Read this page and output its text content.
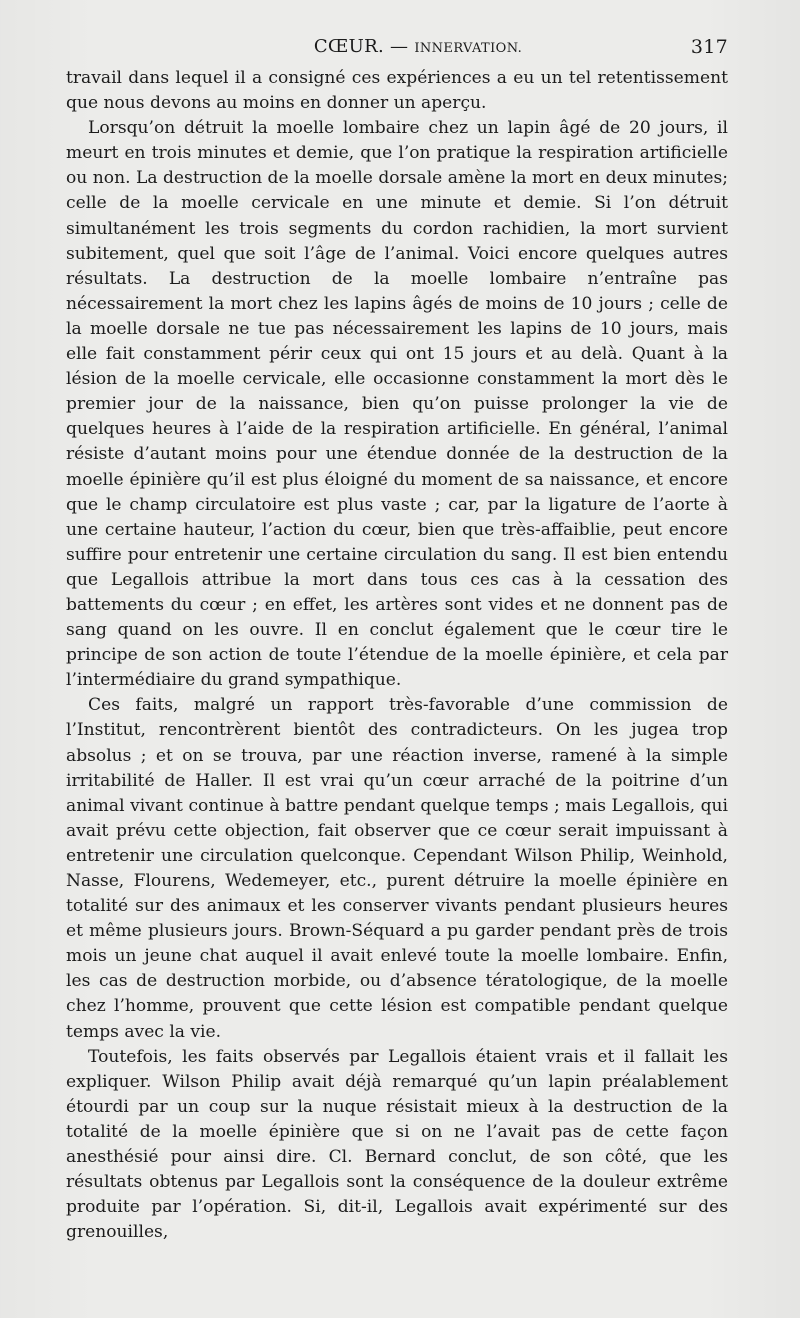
CŒUR. — INNERVATION.	317

travail dans lequel il a consigné ces expériences a eu un tel retentissement que nous devons au moins en donner un aperçu.

Lorsqu’on détruit la moelle lombaire chez un lapin âgé de 20 jours, il meurt en trois minutes et demie, que l’on pratique la respiration artificielle ou non. La destruction de la moelle dorsale amène la mort en deux minutes; celle de la moelle cervicale en une minute et demie. Si l’on détruit simultanément les trois segments du cordon rachidien, la mort survient subitement, quel que soit l’âge de l’animal. Voici encore quelques autres résultats. La destruction de la moelle lombaire n’entraîne pas nécessairement la mort chez les lapins âgés de moins de 10 jours ; celle de la moelle dorsale ne tue pas nécessairement les lapins de 10 jours, mais elle fait constamment périr ceux qui ont 15 jours et au delà. Quant à la lésion de la moelle cervicale, elle occasionne constamment la mort dès le premier jour de la naissance, bien qu’on puisse prolonger la vie de quelques heures à l’aide de la respiration artificielle. En général, l’animal résiste d’autant moins pour une étendue donnée de la destruction de la moelle épinière qu’il est plus éloigné du moment de sa naissance, et encore que le champ circulatoire est plus vaste ; car, par la ligature de l’aorte à une certaine hauteur, l’action du cœur, bien que très-affaiblie, peut encore suffire pour entretenir une certaine circulation du sang. Il est bien entendu que Legallois attribue la mort dans tous ces cas à la cessation des battements du cœur ; en effet, les artères sont vides et ne donnent pas de sang quand on les ouvre. Il en conclut également que le cœur tire le principe de son action de toute l’étendue de la moelle épinière, et cela par l’intermédiaire du grand sympathique.

Ces faits, malgré un rapport très-favorable d’une commission de l’Institut, rencontrèrent bientôt des contradicteurs. On les jugea trop absolus ; et on se trouva, par une réaction inverse, ramené à la simple irritabilité de Haller. Il est vrai qu’un cœur arraché de la poitrine d’un animal vivant continue à battre pendant quelque temps ; mais Legallois, qui avait prévu cette objection, fait observer que ce cœur serait impuissant à entretenir une circulation quelconque. Cependant Wilson Philip, Weinhold, Nasse, Flourens, Wedemeyer, etc., purent détruire la moelle épinière en totalité sur des animaux et les conserver vivants pendant plusieurs heures et même plusieurs jours. Brown-Séquard a pu garder pendant près de trois mois un jeune chat auquel il avait enlevé toute la moelle lombaire. Enfin, les cas de destruction morbide, ou d’absence tératologique, de la moelle chez l’homme, prouvent que cette lésion est compatible pendant quelque temps avec la vie.

Toutefois, les faits observés par Legallois étaient vrais et il fallait les expliquer. Wilson Philip avait déjà remarqué qu’un lapin préalablement étourdi par un coup sur la nuque résistait mieux à la destruction de la totalité de la moelle épinière que si on ne l’avait pas de cette façon anesthésié pour ainsi dire. Cl. Bernard conclut, de son côté, que les résultats obtenus par Legallois sont la conséquence de la douleur extrême produite par l’opération. Si, dit-il, Legallois avait expérimenté sur des grenouilles,
